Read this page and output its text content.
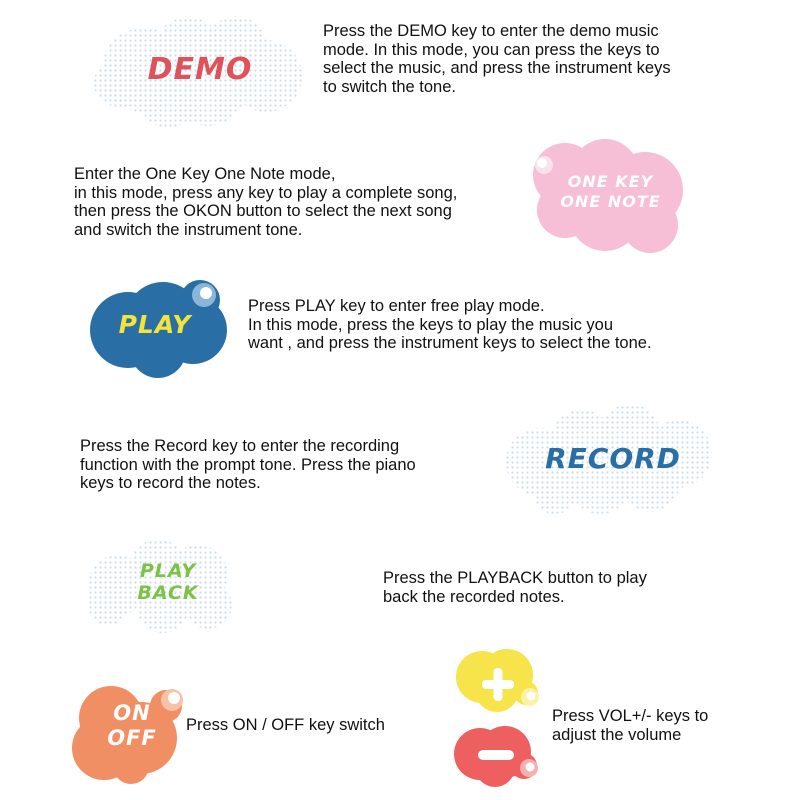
DEMO

Press the DEMO key to enter the demo music
mode. In this mode, you can press the keys to
select the music, and press the instrument keys
to switch the tone.

Enter the One Key One Note mode,
in this mode, press any key to play a complete song,
then press the OKON button to select the next song
and switch the instrument tone.

ONE KEY
ONE NOTE
PLAY

Press PLAY key to enter free play mode.
In this mode, press the keys to play the music you
want , and press the instrument keys to select the tone.

Press the Record key to enter the recording
function with the prompt tone. Press the piano
keys to record the notes.

RECORD
PLAY
BACK

Press the PLAYBACK button to play
back the recorded notes.

ON
OFF

Press ON / OFF key switch	Press VOL+/- keys to
adjust the volume
